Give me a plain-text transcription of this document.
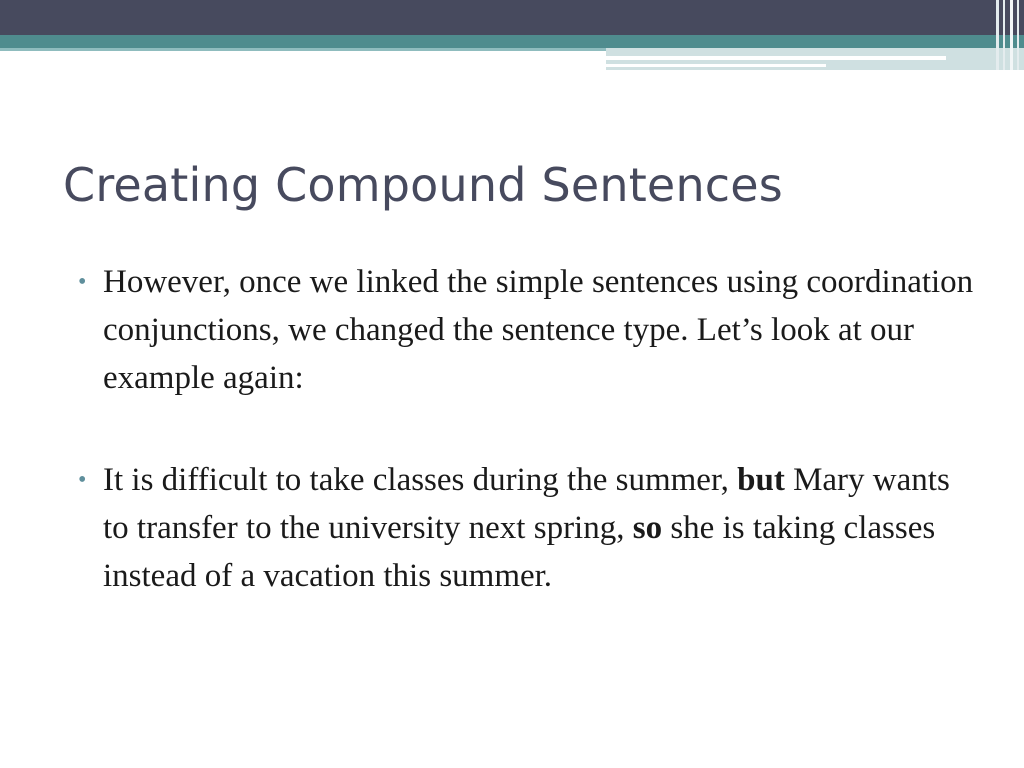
Creating Compound Sentences
• However, once we linked the simple sentences using coordination conjunctions, we changed the sentence type. Let’s look at our example again:
• It is difficult to take classes during the summer, but Mary wants to transfer to the university next spring, so she is taking classes instead of a vacation this summer.
